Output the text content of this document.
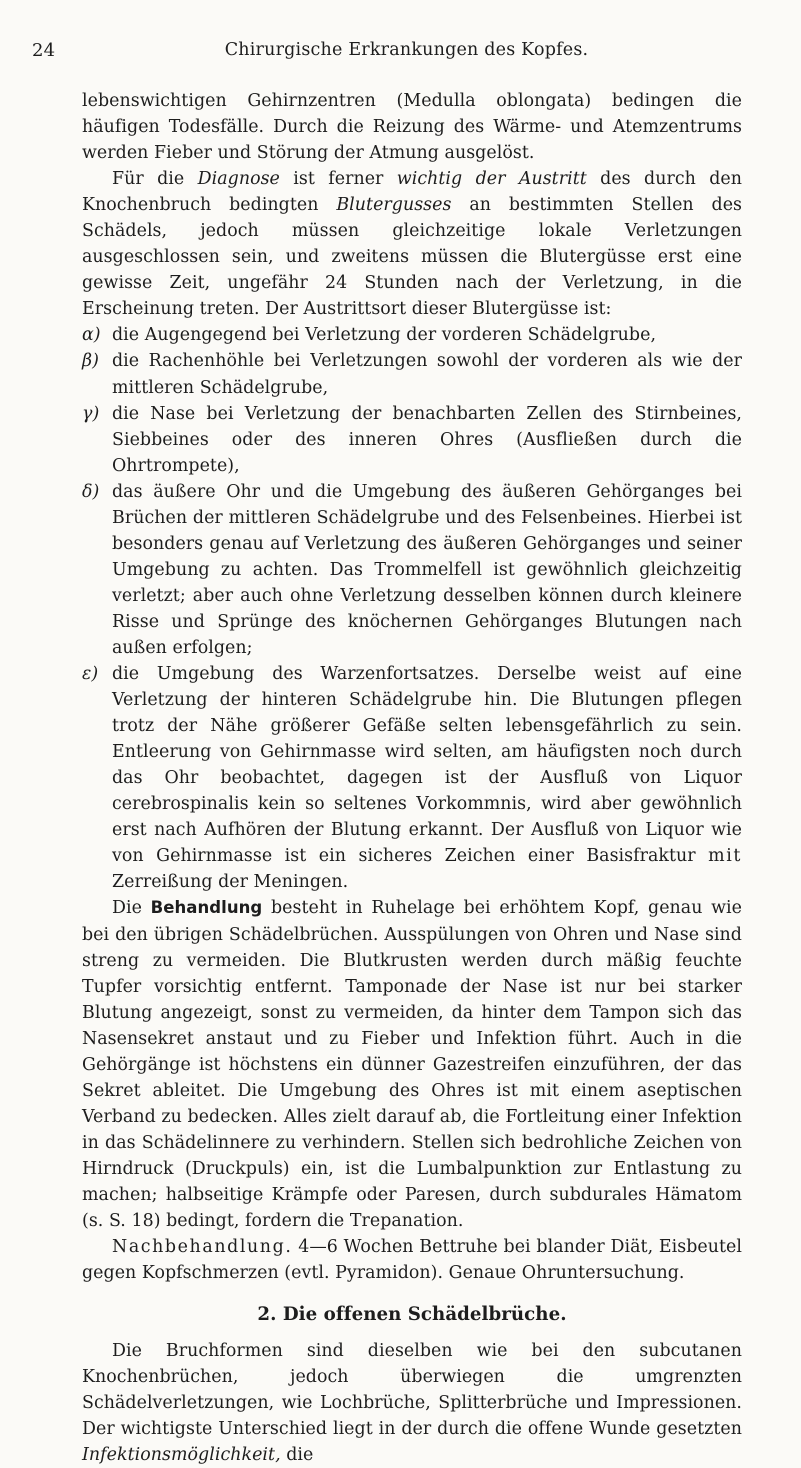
24	Chirurgische Erkrankungen des Kopfes.

lebenswichtigen Gehirnzentren (Medulla oblongata) bedingen die häufigen Todesfälle. Durch die Reizung des Wärme- und Atemzentrums werden Fieber und Störung der Atmung ausgelöst.

Für die Diagnose ist ferner wichtig der Austritt des durch den Knochenbruch bedingten Blutergusses an bestimmten Stellen des Schädels, jedoch müssen gleichzeitige lokale Verletzungen ausgeschlossen sein, und zweitens müssen die Blutergüsse erst eine gewisse Zeit, ungefähr 24 Stunden nach der Verletzung, in die Erscheinung treten. Der Austrittsort dieser Blutergüsse ist:

α) die Augengegend bei Verletzung der vorderen Schädelgrube,

β) die Rachenhöhle bei Verletzungen sowohl der vorderen als wie der mittleren Schädelgrube,

γ) die Nase bei Verletzung der benachbarten Zellen des Stirnbeines, Siebbeines oder des inneren Ohres (Ausfließen durch die Ohrtrompete),

δ) das äußere Ohr und die Umgebung des äußeren Gehörganges bei Brüchen der mittleren Schädelgrube und des Felsenbeines. Hierbei ist besonders genau auf Verletzung des äußeren Gehörganges und seiner Umgebung zu achten. Das Trommelfell ist gewöhnlich gleichzeitig verletzt; aber auch ohne Verletzung desselben können durch kleinere Risse und Sprünge des knöchernen Gehörganges Blutungen nach außen erfolgen;

ε) die Umgebung des Warzenfortsatzes. Derselbe weist auf eine Verletzung der hinteren Schädelgrube hin. Die Blutungen pflegen trotz der Nähe größerer Gefäße selten lebensgefährlich zu sein. Entleerung von Gehirnmasse wird selten, am häufigsten noch durch das Ohr beobachtet, dagegen ist der Ausfluß von Liquor cerebrospinalis kein so seltenes Vorkommnis, wird aber gewöhnlich erst nach Aufhören der Blutung erkannt. Der Ausfluß von Liquor wie von Gehirnmasse ist ein sicheres Zeichen einer Basisfraktur mit Zerreißung der Meningen.

Die Behandlung besteht in Ruhelage bei erhöhtem Kopf, genau wie bei den übrigen Schädelbrüchen. Ausspülungen von Ohren und Nase sind streng zu vermeiden. Die Blutkrusten werden durch mäßig feuchte Tupfer vorsichtig entfernt. Tamponade der Nase ist nur bei starker Blutung angezeigt, sonst zu vermeiden, da hinter dem Tampon sich das Nasensekret anstaut und zu Fieber und Infektion führt. Auch in die Gehörgänge ist höchstens ein dünner Gazestreifen einzuführen, der das Sekret ableitet. Die Umgebung des Ohres ist mit einem aseptischen Verband zu bedecken. Alles zielt darauf ab, die Fortleitung einer Infektion in das Schädelinnere zu verhindern. Stellen sich bedrohliche Zeichen von Hirndruck (Druckpuls) ein, ist die Lumbalpunktion zur Entlastung zu machen; halbseitige Krämpfe oder Paresen, durch subdurales Hämatom (s. S. 18) bedingt, fordern die Trepanation.

Nachbehandlung. 4—6 Wochen Bettruhe bei blander Diät, Eisbeutel gegen Kopfschmerzen (evtl. Pyramidon). Genaue Ohruntersuchung.

2. Die offenen Schädelbrüche.

Die Bruchformen sind dieselben wie bei den subcutanen Knochenbrüchen, jedoch überwiegen die umgrenzten Schädelverletzungen, wie Lochbrüche, Splitterbrüche und Impressionen. Der wichtigste Unterschied liegt in der durch die offene Wunde gesetzten Infektionsmöglichkeit, die
